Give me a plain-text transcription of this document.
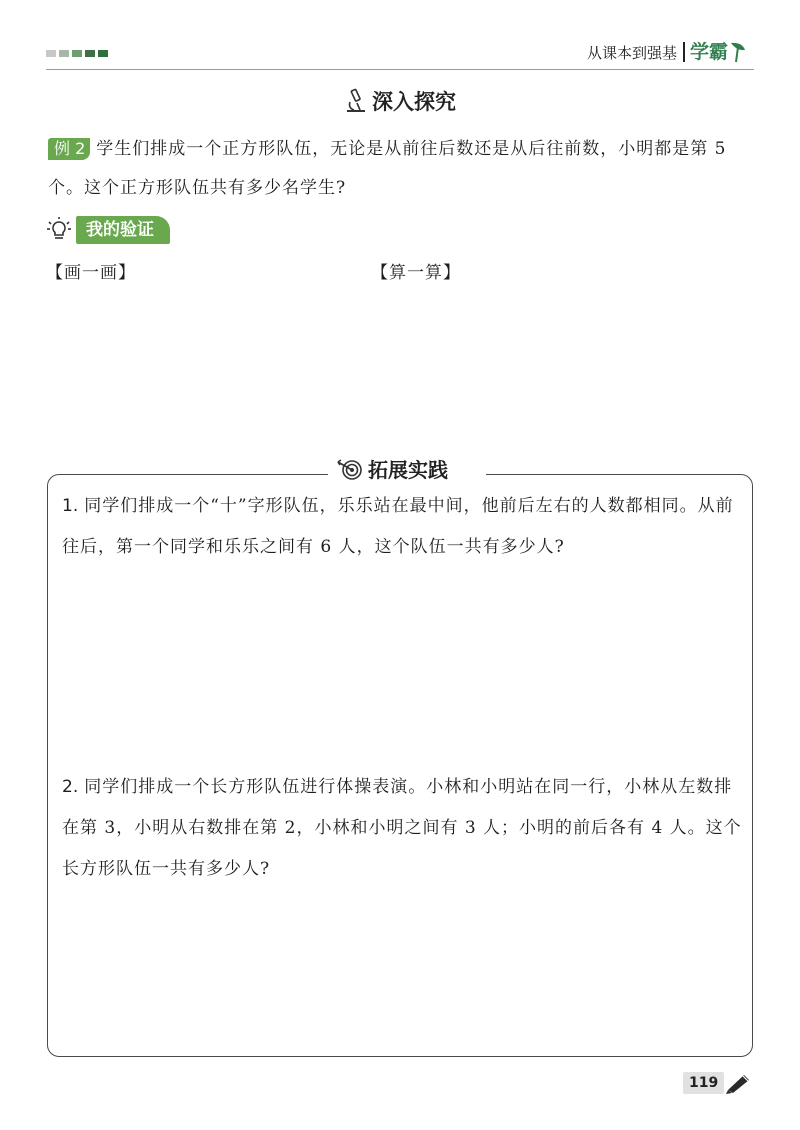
从课本到强基 学霸
深入探究
例 2 学生们排成一个正方形队伍，无论是从前往后数还是从后往前数，小明都是第 5 个。这个正方形队伍共有多少名学生?
我的验证
【画一画】	【算一算】
拓展实践
1. 同学们排成一个“十”字形队伍，乐乐站在最中间，他前后左右的人数都相同。从前往后，第一个同学和乐乐之间有 6 人，这个队伍一共有多少人?
2. 同学们排成一个长方形队伍进行体操表演。小林和小明站在同一行，小林从左数排在第 3，小明从右数排在第 2，小林和小明之间有 3 人；小明的前后各有 4 人。这个长方形队伍一共有多少人?
119
